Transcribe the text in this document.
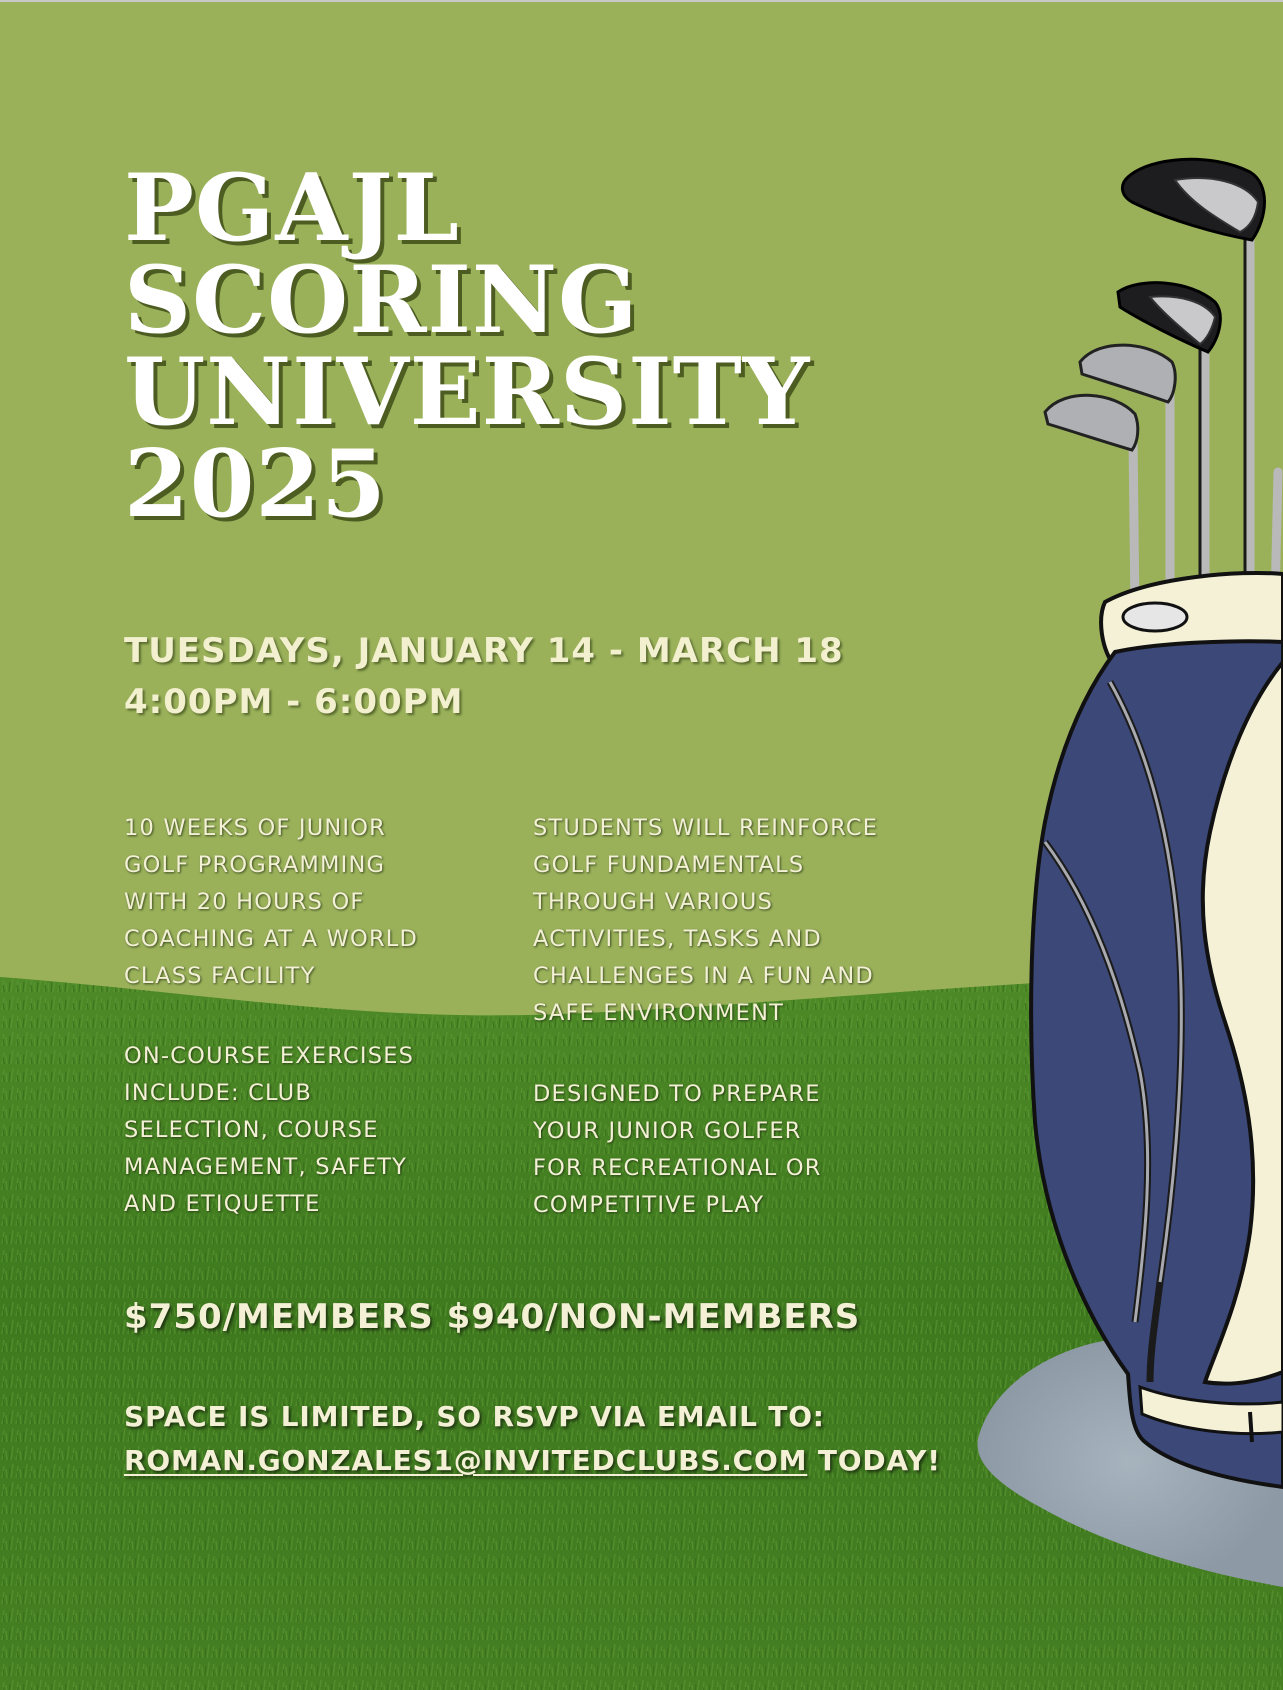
PGAJL
SCORING
UNIVERSITY
2025
TUESDAYS, JANUARY 14 - MARCH 18
4:00PM - 6:00PM
10 WEEKS OF JUNIOR
GOLF PROGRAMMING
WITH 20 HOURS OF
COACHING AT A WORLD
CLASS FACILITY
STUDENTS WILL REINFORCE
GOLF FUNDAMENTALS
THROUGH VARIOUS
ACTIVITIES, TASKS AND
CHALLENGES IN A FUN AND
SAFE ENVIRONMENT
ON-COURSE EXERCISES
INCLUDE: CLUB
SELECTION, COURSE
MANAGEMENT, SAFETY
AND ETIQUETTE
DESIGNED TO PREPARE
YOUR JUNIOR GOLFER
FOR RECREATIONAL OR
COMPETITIVE PLAY
$750/MEMBERS $940/NON-MEMBERS
SPACE IS LIMITED, SO RSVP VIA EMAIL TO:
ROMAN.GONZALES1@INVITEDCLUBS.COM TODAY!
